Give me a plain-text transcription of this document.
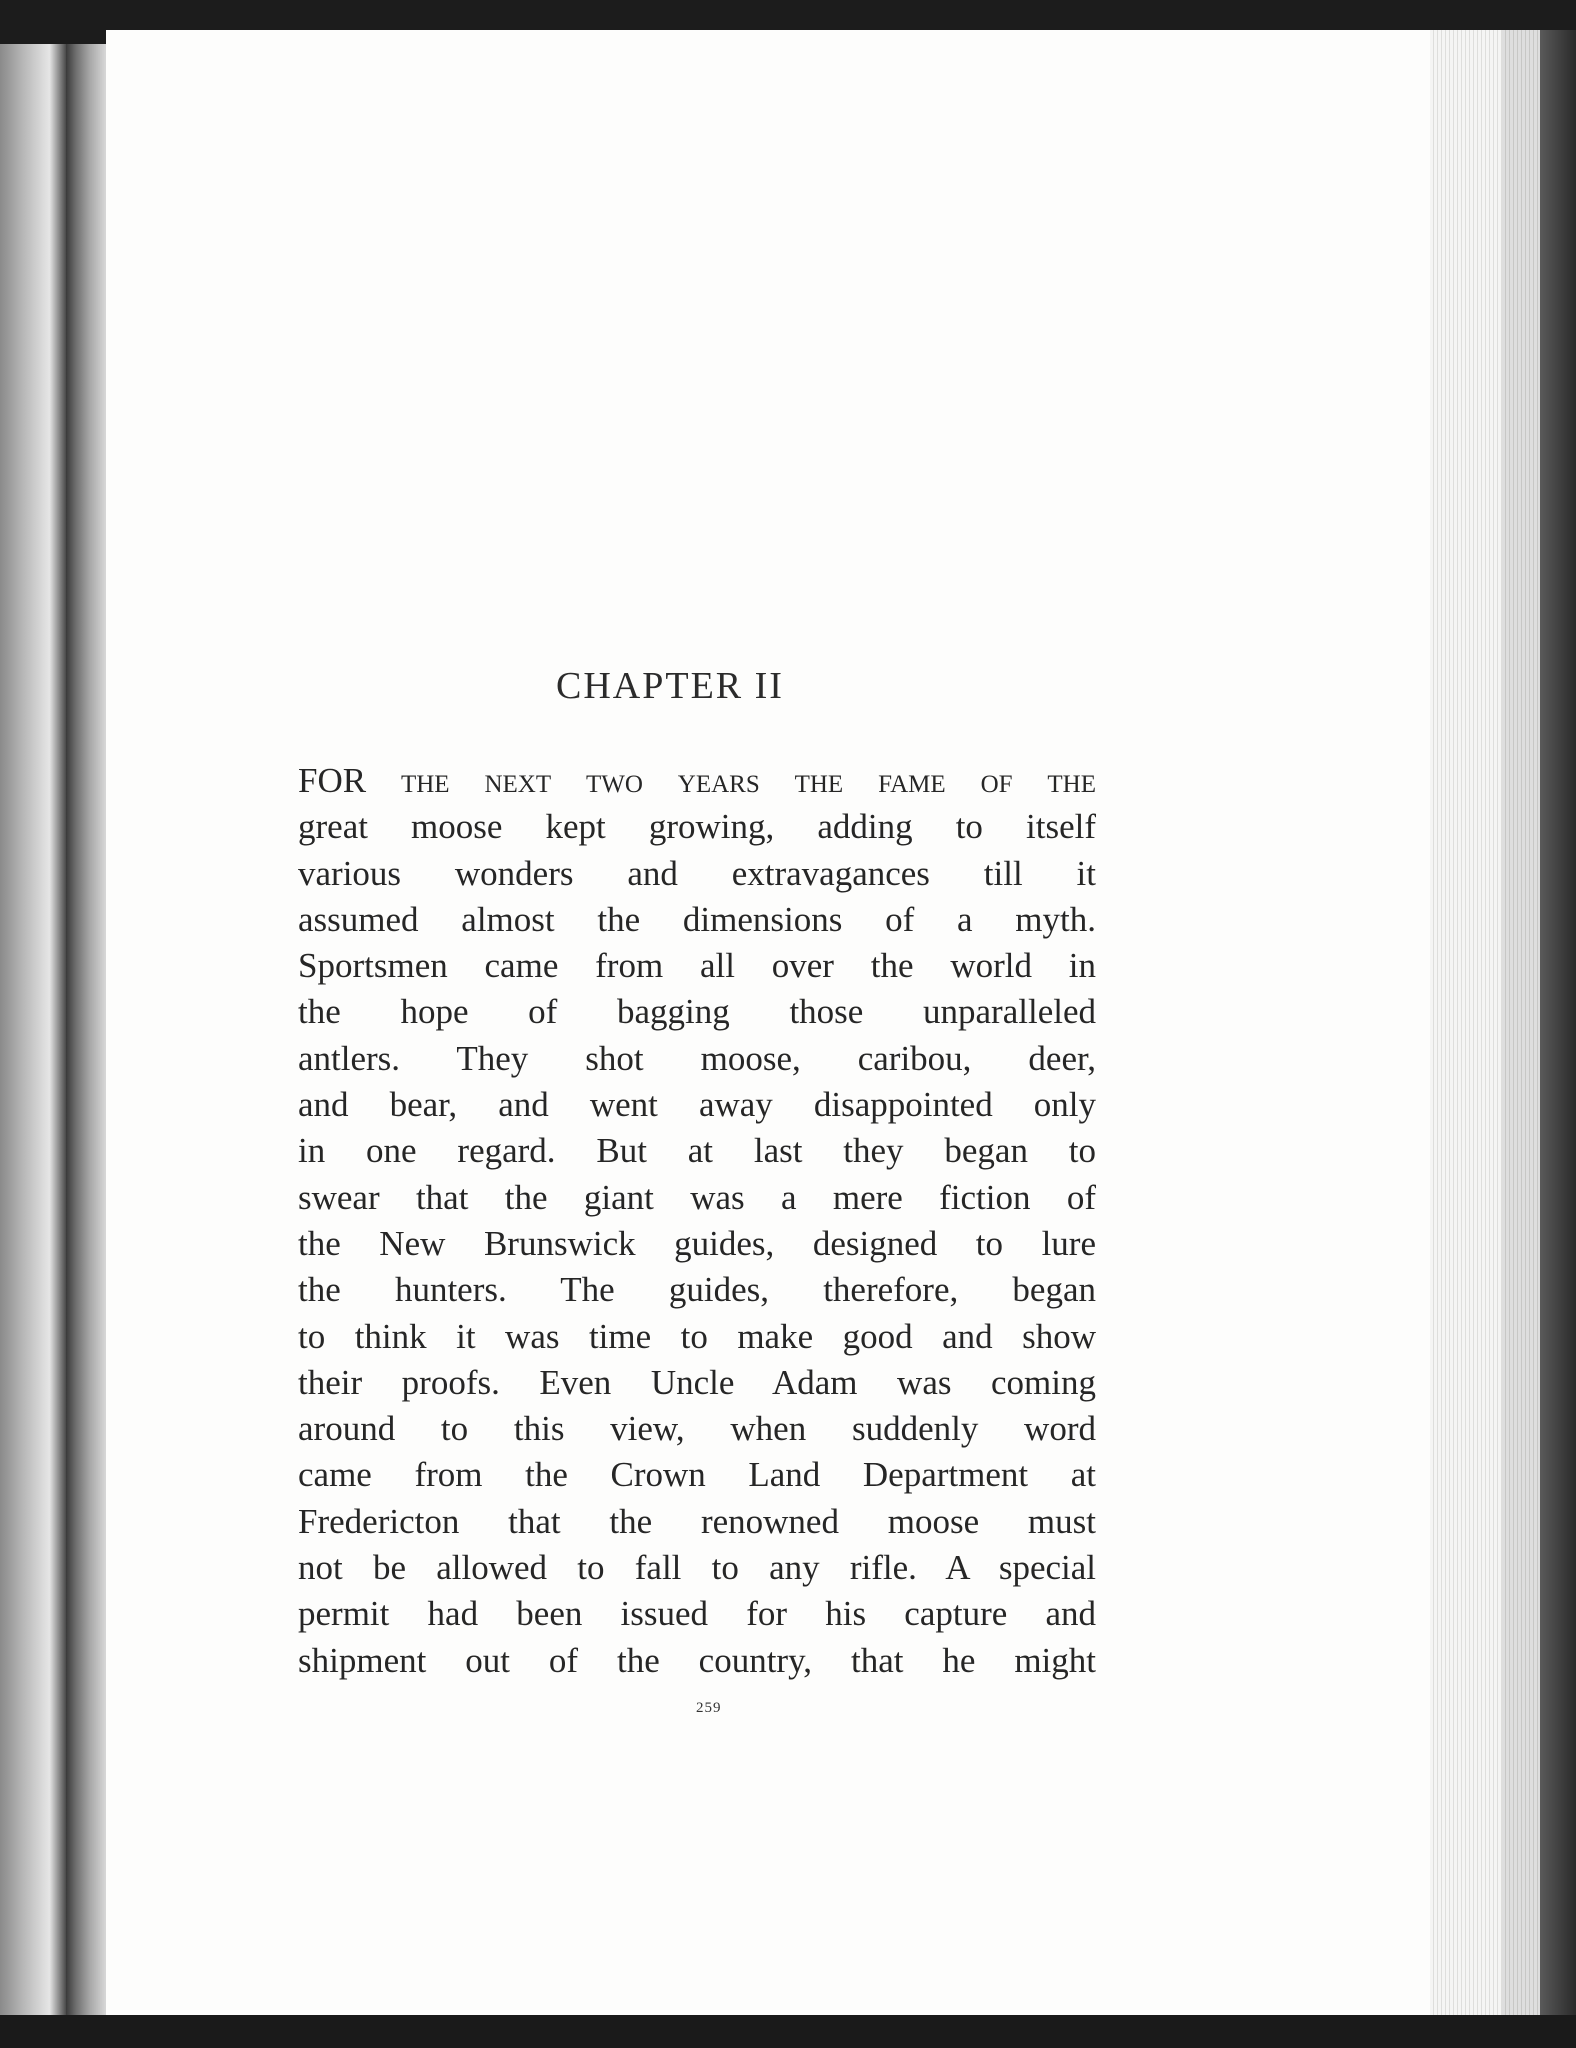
CHAPTER II
FOR the next two years the fame of the
great moose kept growing, adding to itself
various wonders and extravagances till it
assumed almost the dimensions of a myth.
Sportsmen came from all over the world in
the hope of bagging those unparalleled
antlers. They shot moose, caribou, deer,
and bear, and went away disappointed only
in one regard. But at last they began to
swear that the giant was a mere fiction of
the New Brunswick guides, designed to lure
the hunters. The guides, therefore, began
to think it was time to make good and show
their proofs. Even Uncle Adam was coming
around to this view, when suddenly word
came from the Crown Land Department at
Fredericton that the renowned moose must
not be allowed to fall to any rifle. A special
permit had been issued for his capture and
shipment out of the country, that he might
259
